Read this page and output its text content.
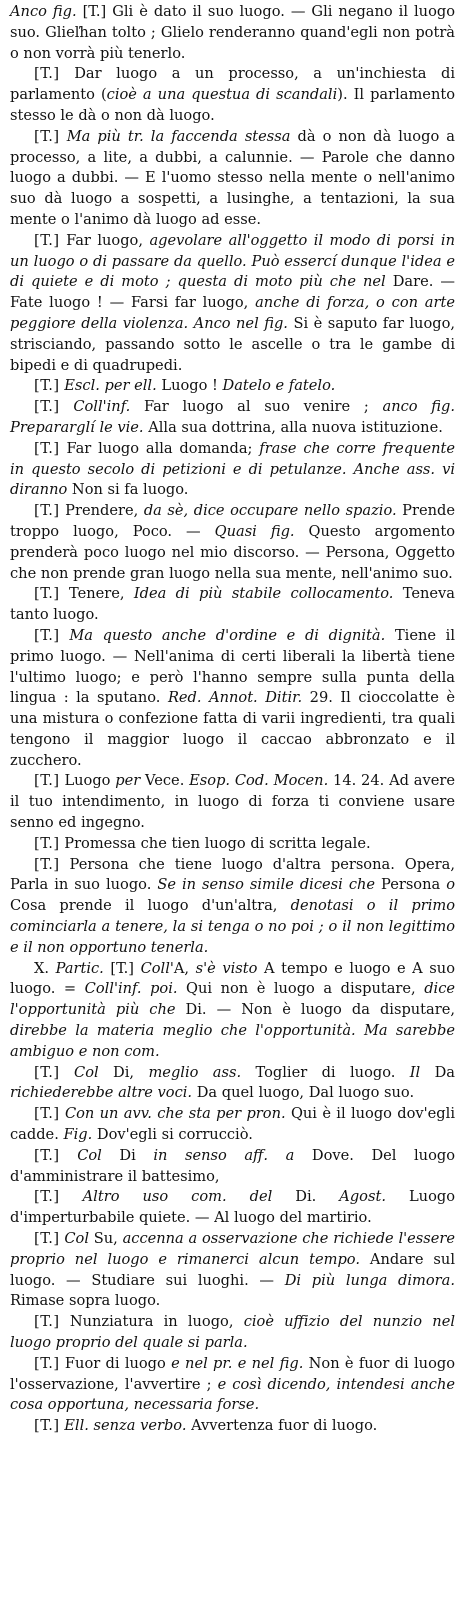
Anco fig. [T.] Gli è dato il suo luogo. — Gli negano il luogo suo. Glieľhan tolto ; Glielo renderanno quand'egli non potrà o non vorrà più tenerlo.

[T.] Dar luogo a un processo, a un'inchiesta di parlamento (cioè a una questua di scandali). Il parlamento stesso le dà o non dà luogo.

[T.] Ma più tr. la faccenda stessa dà o non dà luogo a processo, a lite, a dubbi, a calunnie. — Parole che danno luogo a dubbi. — E l'uomo stesso nella mente o nell'animo suo dà luogo a sospetti, a lusinghe, a tentazioni, la sua mente o l'animo dà luogo ad esse.

[T.] Far luogo, agevolare all'oggetto il modo di porsi in un luogo o di passare da quello. Può essercí dunque l'idea e di quiete e di moto ; questa di moto più che nel Dare. — Fate luogo ! — Farsi far luogo, anche di forza, o con arte peggiore della violenza. Anco nel fig. Si è saputo far luogo, strisciando, passando sotto le ascelle o tra le gambe di bipedi e di quadrupedi.

[T.] Escl. per ell. Luogo ! Datelo e fatelo.

[T.] Coll'inf. Far luogo al suo venire ; anco fig. Prepararglí le vie. Alla sua dottrina, alla nuova istituzione.

[T.] Far luogo alla domanda; frase che corre frequente in questo secolo di petizioni e di petulanze. Anche ass. vi diranno Non si fa luogo.

[T.] Prendere, da sè, dice occupare nello spazio. Prende troppo luogo, Poco. — Quasi fig. Questo argomento prenderà poco luogo nel mio discorso. — Persona, Oggetto che non prende gran luogo nella sua mente, nell'animo suo.

[T.] Tenere, Idea di più stabile collocamento. Teneva tanto luogo.

[T.] Ma questo anche d'ordine e di dignità. Tiene il primo luogo. — Nell'anima di certi liberali la libertà tiene l'ultimo luogo; e però l'hanno sempre sulla punta della lingua : la sputano. Red. Annot. Ditir. 29. Il cioccolatte è una mistura o confezione fatta di varii ingredienti, tra quali tengono il maggior luogo il caccao abbronzato e il zucchero.

[T.] Luogo per Vece. Esop. Cod. Mocen. 14. 24. Ad avere il tuo intendimento, in luogo di forza ti conviene usare senno ed ingegno.

[T.] Promessa che tien luogo di scritta legale.

[T.] Persona che tiene luogo d'altra persona. Opera, Parla in suo luogo. Se in senso simile dicesi che Persona o Cosa prende il luogo d'un'altra, denotasi o il primo cominciarla a tenere, la si tenga o no poi ; o il non legittimo e il non opportuno tenerla.

X. Partic. [T.] Coll'A, s'è visto A tempo e luogo e A suo luogo. = Coll'inf. poi. Qui non è luogo a disputare, dice l'opportunità più che Di. — Non è luogo da disputare, direbbe la materia meglio che l'opportunità. Ma sarebbe ambiguo e non com.

[T.] Col Di, meglio ass. Toglier di luogo. Il Da richiederebbe altre voci. Da quel luogo, Dal luogo suo.

[T.] Con un avv. che sta per pron. Qui è il luogo dov'egli cadde. Fig. Dov'egli si corrucciò.

[T.] Col Di in senso aff. a Dove. Del luogo d'amministrare il battesimo,

[T.] Altro uso com. del Di. Agost. Luogo d'imperturbabile quiete. — Al luogo del martirio.

[T.] Col Su, accenna a osservazione che richiede l'essere proprio nel luogo e rimanerci alcun tempo. Andare sul luogo. — Studiare sui luoghi. — Di più lunga dimora. Rimase sopra luogo.

[T.] Nunziatura in luogo, cioè uffizio del nunzio nel luogo proprio del quale si parla.

[T.] Fuor di luogo e nel pr. e nel fig. Non è fuor di luogo l'osservazione, l'avvertire ; e così dicendo, intendesi anche cosa opportuna, necessaria forse.

[T.] Ell. senza verbo. Avvertenza fuor di luogo.
